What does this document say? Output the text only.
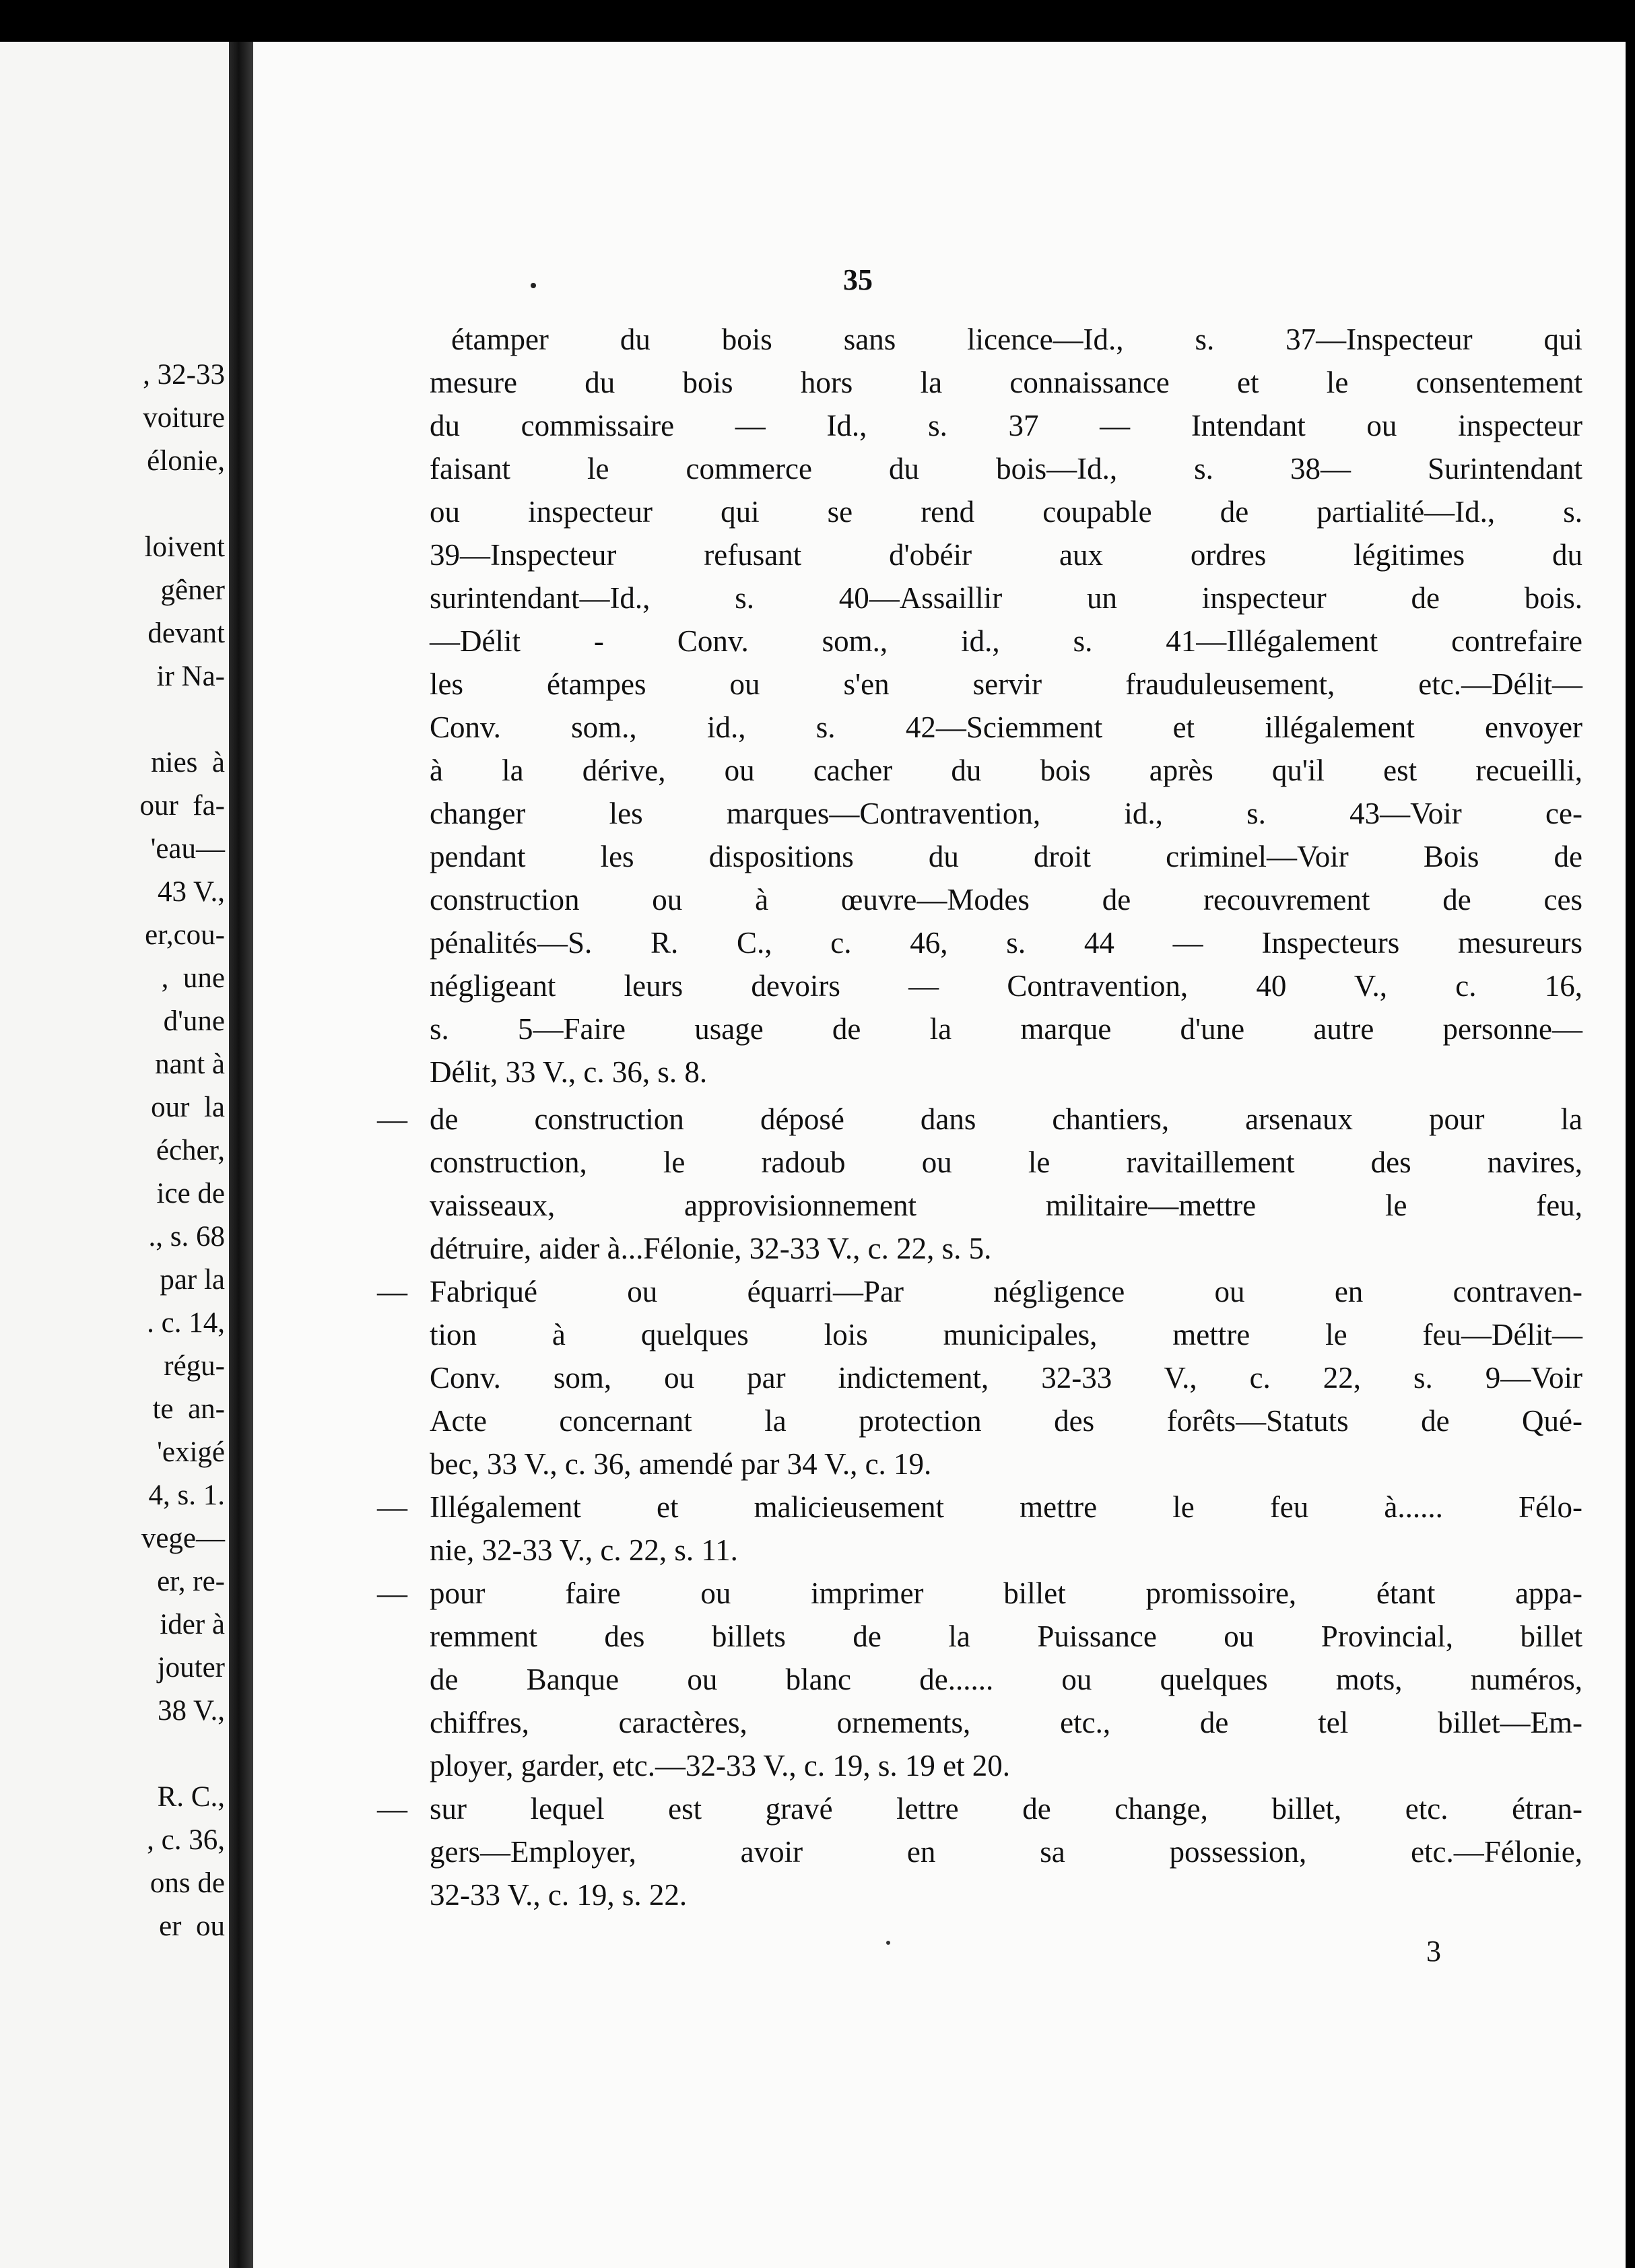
, 32-33
voiture
élonie,
loivent
gêner
devant
ir Na-
nies  à
our  fa-
'eau—
43 V.,
er,cou-
,  une
d'une
nant à
our  la
écher,
ice de
., s. 68
par la
. c. 14,
régu-
te  an-
'exigé
4, s. 1.
vege—
er, re-
ider à
jouter
38 V.,
R. C.,
, c. 36,
ons de
er  ou
35
étamper du bois sans licence—Id., s. 37—Inspecteur qui
mesure du bois hors la connaissance et le consentement
du commissaire — Id., s. 37 — Intendant ou inspecteur
faisant le commerce du bois—Id., s. 38— Surintendant
ou inspecteur qui se rend coupable de partialité—Id., s.
39—Inspecteur refusant d'obéir aux ordres légitimes du
surintendant—Id., s. 40—Assaillir un inspecteur de bois.
—Délit - Conv. som., id., s. 41—Illégalement contrefaire
les étampes ou s'en servir frauduleusement, etc.—Délit—
Conv. som., id., s. 42—Sciemment et illégalement envoyer
à la dérive, ou cacher du bois après qu'il est recueilli,
changer les marques—Contravention, id., s. 43—Voir ce-
pendant les dispositions du droit criminel—Voir Bois de
construction ou à œuvre—Modes de recouvrement de ces
pénalités—S. R. C., c. 46, s. 44 — Inspecteurs mesureurs
négligeant leurs devoirs — Contravention, 40 V., c. 16,
s. 5—Faire usage de la marque d'une autre personne—
Délit, 33 V., c. 36, s. 8.
— de construction déposé dans chantiers, arsenaux pour la
construction, le radoub ou le ravitaillement des navires,
vaisseaux, approvisionnement militaire—mettre le feu,
détruire, aider à...Félonie, 32-33 V., c. 22, s. 5.
— Fabriqué ou équarri—Par négligence ou en contraven-
tion à quelques lois municipales, mettre le feu—Délit—
Conv. som, ou par indictement, 32-33 V., c. 22, s. 9—Voir
Acte concernant la protection des forêts—Statuts de Qué-
bec, 33 V., c. 36, amendé par 34 V., c. 19.
— Illégalement et malicieusement mettre le feu à...... Félo-
nie, 32-33 V., c. 22, s. 11.
— pour faire ou imprimer billet promissoire, étant appa-
remment des billets de la Puissance ou Provincial, billet
de Banque ou blanc de...... ou quelques mots, numéros,
chiffres, caractères, ornements, etc., de tel billet—Em-
ployer, garder, etc.—32-33 V., c. 19, s. 19 et 20.
— sur lequel est gravé lettre de change, billet, etc. étran-
gers—Employer, avoir en sa possession, etc.—Félonie,
32-33 V., c. 19, s. 22.
3
